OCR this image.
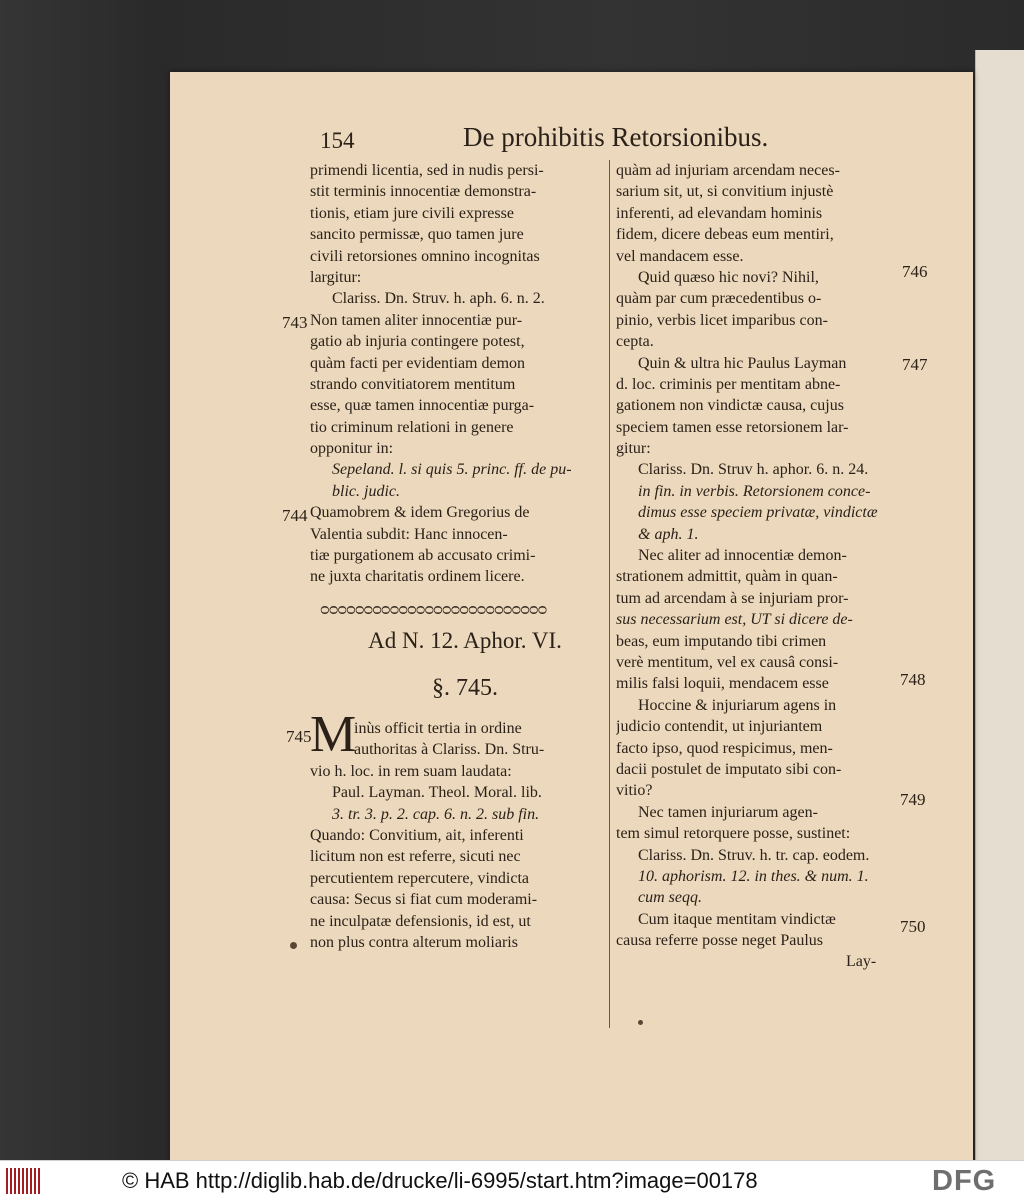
154	De prohibitis Retorsionibus.
primendi licentia, sed in nudis persi-
stit terminis innocentiæ demonstra-
tionis, etiam jure civili expresse
sancito permissæ, quo tamen jure
civili retorsiones omnino incognitas
largitur:
Clariss. Dn. Struv. h. aph. 6. n. 2.
Non tamen aliter innocentiæ pur-
gatio ab injuria contingere potest,
quàm facti per evidentiam demon
strando convitiatorem mentitum
esse, quæ tamen innocentiæ purga-
tio criminum relationi in genere
opponitur in:
Sepeland. l. si quis 5. princ. ff. de pu-
blic. judic.
Quamobrem & idem Gregorius de
Valentia subdit: Hanc innocen-
tiæ purgationem ab accusato crimi-
ne juxta charitatis ordinem licere.
ᴑᴑᴑᴑᴑᴑᴑᴑᴑᴑᴑᴑᴑᴑᴑᴑᴑᴑᴑᴑᴑᴑᴑᴑᴑᴑ
Ad N. 12. Aphor. VI.
§. 745.
M
inùs officit tertia in ordine
authoritas à Clariss. Dn. Stru-
vio h. loc. in rem suam laudata:
Paul. Layman. Theol. Moral. lib.
3. tr. 3. p. 2. cap. 6. n. 2. sub fin.
Quando: Convitium, ait, inferenti
licitum non est referre, sicuti nec
percutientem repercutere, vindicta
causa: Secus si fiat cum moderami-
ne inculpatæ defensionis, id est, ut
non plus contra alterum moliaris
quàm ad injuriam arcendam neces-
sarium sit, ut, si convitium injustè
inferenti, ad elevandam hominis
fidem, dicere debeas eum mentiri,
vel mandacem esse.
Quid quæso hic novi? Nihil,
quàm par cum præcedentibus o-
pinio, verbis licet imparibus con-
cepta.
Quin & ultra hic Paulus Layman
d. loc. criminis per mentitam abne-
gationem non vindictæ causa, cujus
speciem tamen esse retorsionem lar-
gitur:
Clariss. Dn. Struv h. aphor. 6. n. 24.
in fin. in verbis. Retorsionem conce-
dimus esse speciem privatæ, vindictæ
& aph. 1.
Nec aliter ad innocentiæ demon-
strationem admittit, quàm in quan-
tum ad arcendam à se injuriam pror-
sus necessarium est, UT si dicere de-
beas, eum imputando tibi crimen
verè mentitum, vel ex causâ consi-
milis falsi loquii, mendacem esse
Hoccine & injuriarum agens in
judicio contendit, ut injuriantem
facto ipso, quod respicimus, men-
dacii postulet de imputato sibi con-
vitio?
Nec tamen injuriarum agen-
tem simul retorquere posse, sustinet:
Clariss. Dn. Struv. h. tr. cap. eodem.
10. aphorism. 12. in thes. & num. 1.
cum seqq.
Cum itaque mentitam vindictæ
causa referre posse neget Paulus
Lay-
743
744
745
746
747
748
749
750
© HAB http://diglib.hab.de/drucke/li-6995/start.htm?image=00178	DFG
